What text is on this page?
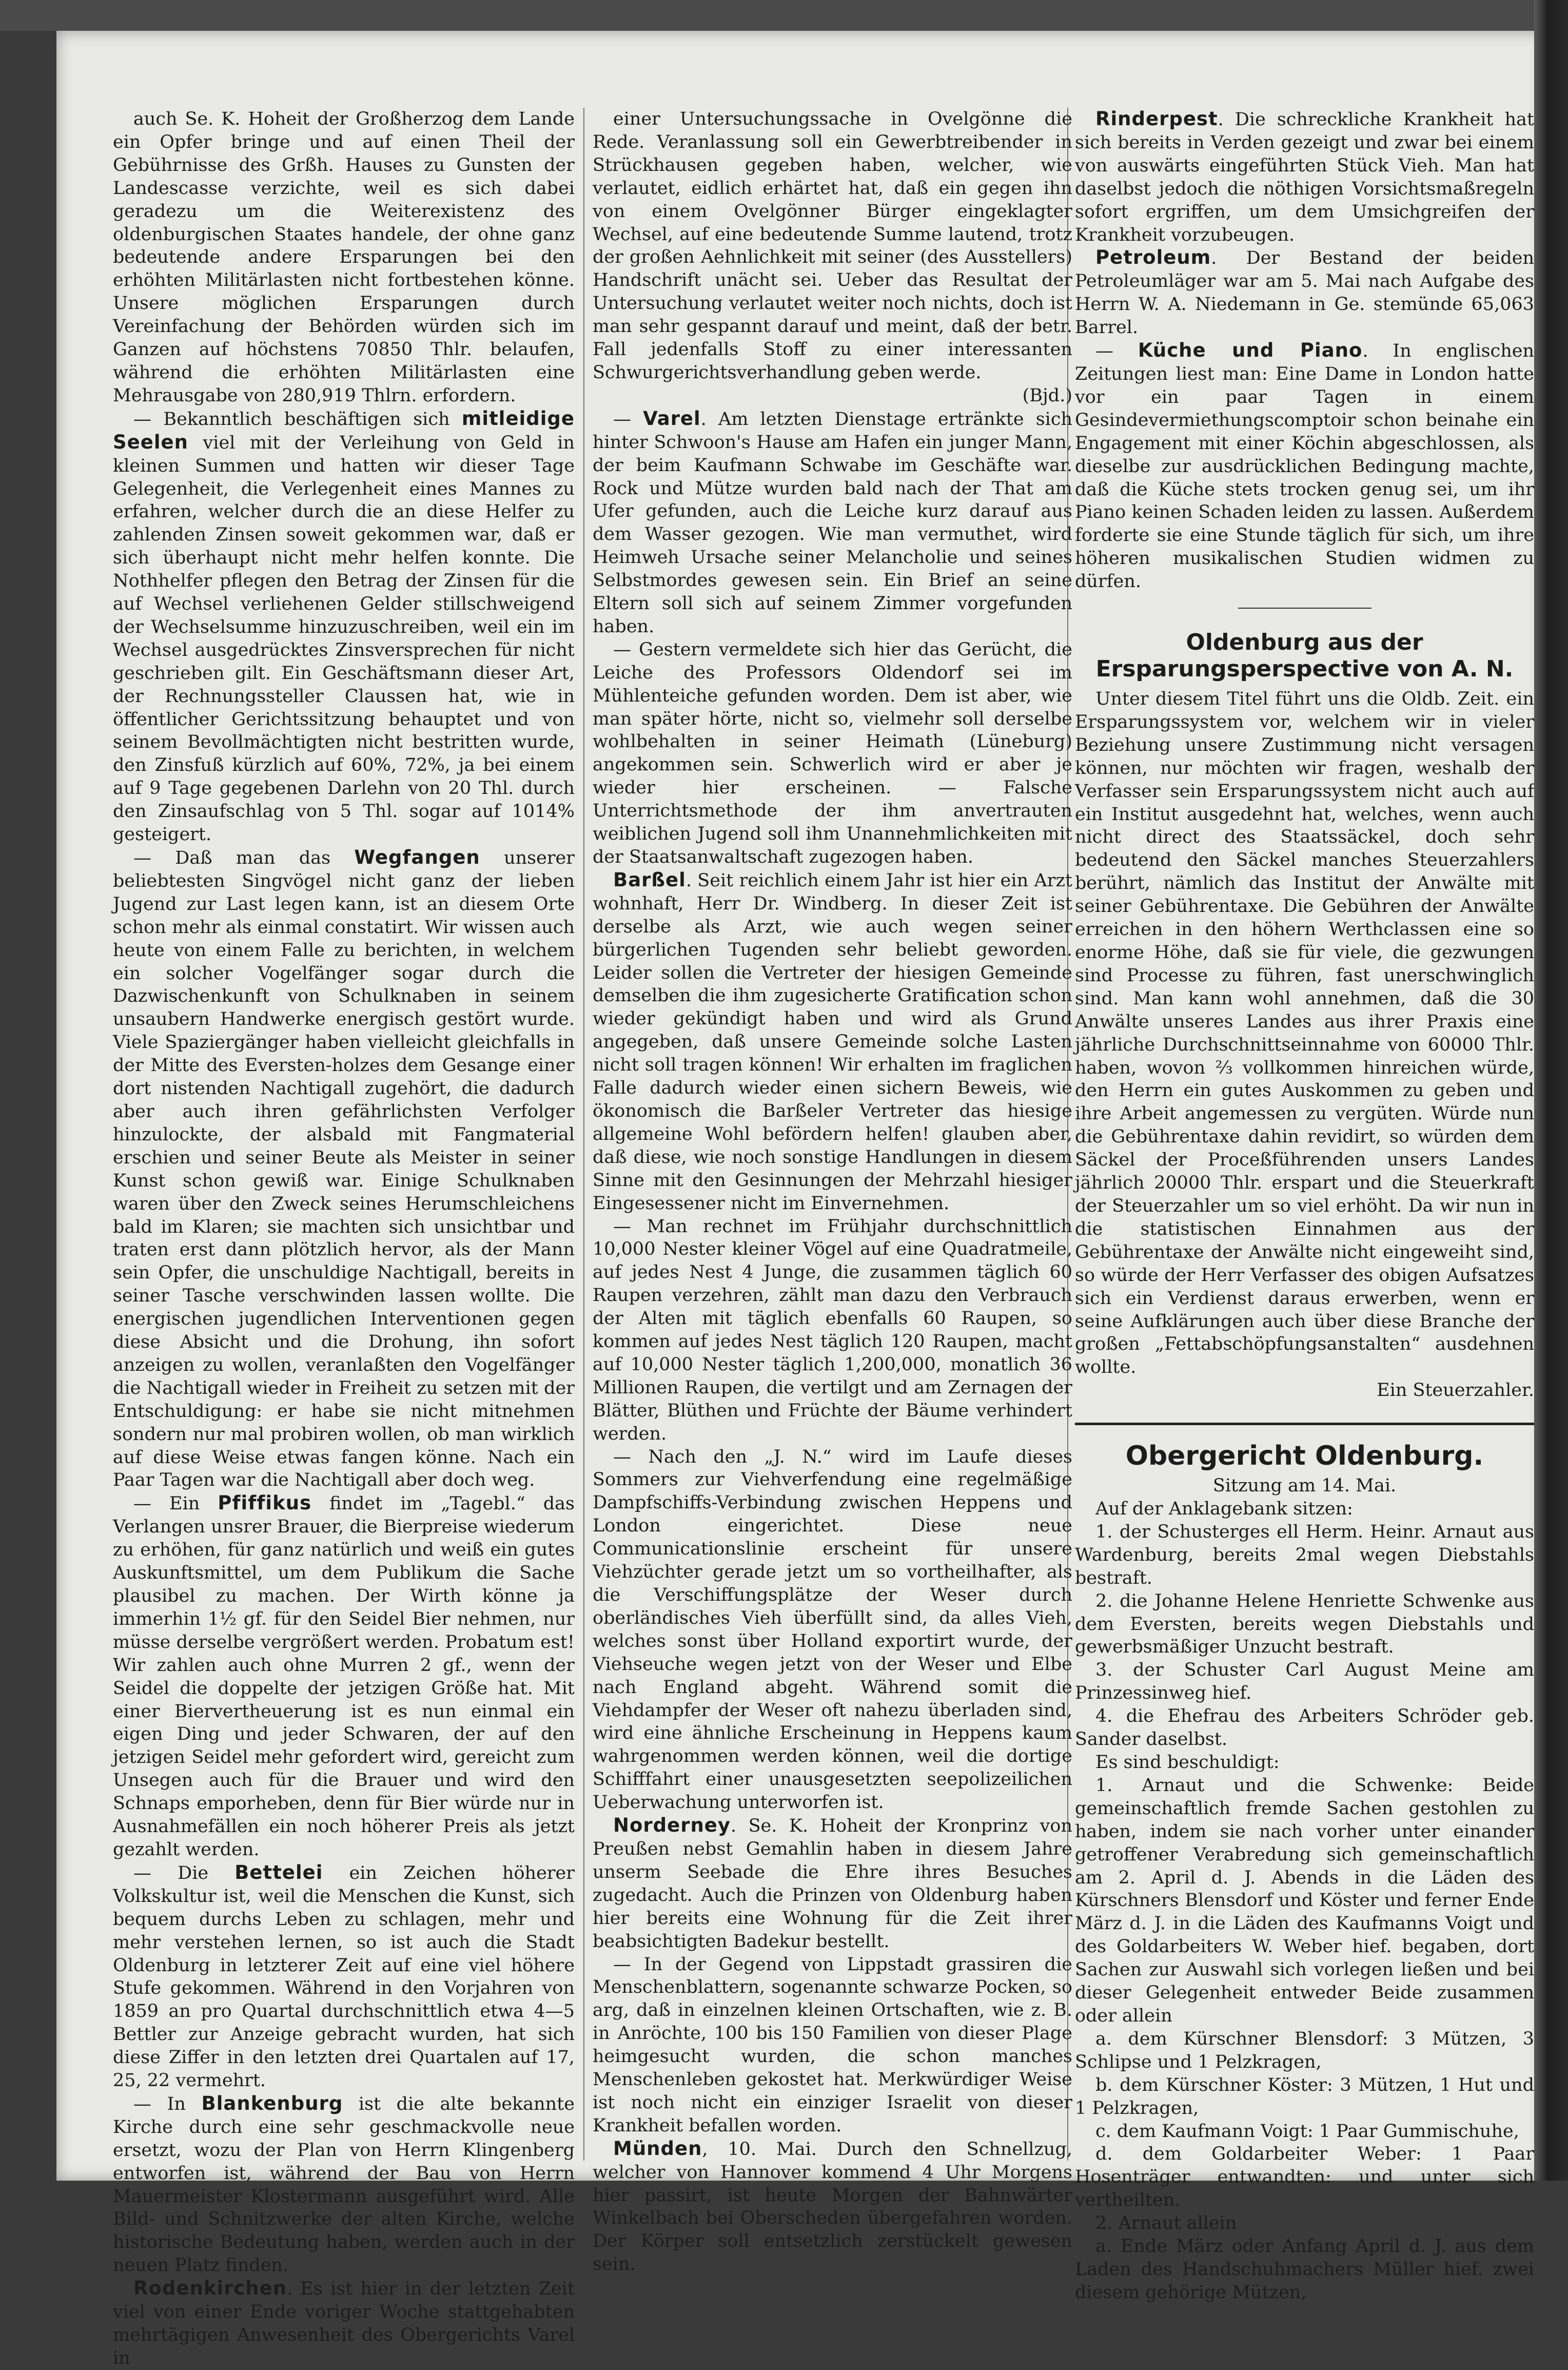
auch Se. K. Hoheit der Großherzog dem Lande ein Opfer bringe und auf einen Theil der Gebührnisse des Grßh. Hauses zu Gunsten der Landescasse verzichte, weil es sich dabei geradezu um die Weiterexistenz des oldenburgischen Staates handele, der ohne ganz bedeutende andere Ersparungen bei den erhöhten Militärlasten nicht fortbestehen könne. Unsere möglichen Ersparungen durch Vereinfachung der Behörden würden sich im Ganzen auf höchstens 70850 Thlr. belaufen, während die erhöhten Militärlasten eine Mehrausgabe von 280,919 Thlrn. erfordern.

— Bekanntlich beschäftigen sich mitleidige Seelen viel mit der Verleihung von Geld in kleinen Summen und hatten wir dieser Tage Gelegenheit, die Verlegenheit eines Mannes zu erfahren, welcher durch die an diese Helfer zu zahlenden Zinsen soweit gekommen war, daß er sich überhaupt nicht mehr helfen konnte. Die Nothhelfer pflegen den Betrag der Zinsen für die auf Wechsel verliehenen Gelder stillschweigend der Wechselsumme hinzuzuschreiben, weil ein im Wechsel ausgedrücktes Zinsversprechen für nicht geschrieben gilt. Ein Geschäftsmann dieser Art, der Rechnungssteller Claussen hat, wie in öffentlicher Gerichtssitzung behauptet und von seinem Bevollmächtigten nicht bestritten wurde, den Zinsfuß kürzlich auf 60%, 72%, ja bei einem auf 9 Tage gegebenen Darlehn von 20 Thl. durch den Zinsaufschlag von 5 Thl. sogar auf 1014% gesteigert.

— Daß man das Wegfangen unserer beliebtesten Singvögel nicht ganz der lieben Jugend zur Last legen kann, ist an diesem Orte schon mehr als einmal constatirt. Wir wissen auch heute von einem Falle zu berichten, in welchem ein solcher Vogelfänger sogar durch die Dazwischenkunft von Schulknaben in seinem unsaubern Handwerke energisch gestört wurde. Viele Spaziergänger haben vielleicht gleichfalls in der Mitte des Eversten-holzes dem Gesange einer dort nistenden Nachtigall zugehört, die dadurch aber auch ihren gefährlichsten Verfolger hinzulockte, der alsbald mit Fangmaterial erschien und seiner Beute als Meister in seiner Kunst schon gewiß war. Einige Schulknaben waren über den Zweck seines Herumschleichens bald im Klaren; sie machten sich unsichtbar und traten erst dann plötzlich hervor, als der Mann sein Opfer, die unschuldige Nachtigall, bereits in seiner Tasche verschwinden lassen wollte. Die energischen jugendlichen Interventionen gegen diese Absicht und die Drohung, ihn sofort anzeigen zu wollen, veranlaßten den Vogelfänger die Nachtigall wieder in Freiheit zu setzen mit der Entschuldigung: er habe sie nicht mitnehmen sondern nur mal probiren wollen, ob man wirklich auf diese Weise etwas fangen könne. Nach ein Paar Tagen war die Nachtigall aber doch weg.

— Ein Pfiffikus findet im „Tagebl.“ das Verlangen unsrer Brauer, die Bierpreise wiederum zu erhöhen, für ganz natürlich und weiß ein gutes Auskunftsmittel, um dem Publikum die Sache plausibel zu machen. Der Wirth könne ja immerhin 1½ gf. für den Seidel Bier nehmen, nur müsse derselbe vergrößert werden. Probatum est! Wir zahlen auch ohne Murren 2 gf., wenn der Seidel die doppelte der jetzigen Größe hat. Mit einer Biervertheuerung ist es nun einmal ein eigen Ding und jeder Schwaren, der auf den jetzigen Seidel mehr gefordert wird, gereicht zum Unsegen auch für die Brauer und wird den Schnaps emporheben, denn für Bier würde nur in Ausnahmefällen ein noch höherer Preis als jetzt gezahlt werden.

— Die Bettelei ein Zeichen höherer Volkskultur ist, weil die Menschen die Kunst, sich bequem durchs Leben zu schlagen, mehr und mehr verstehen lernen, so ist auch die Stadt Oldenburg in letzterer Zeit auf eine viel höhere Stufe gekommen. Während in den Vorjahren von 1859 an pro Quartal durchschnittlich etwa 4—5 Bettler zur Anzeige gebracht wurden, hat sich diese Ziffer in den letzten drei Quartalen auf 17, 25, 22 vermehrt.

— In Blankenburg ist die alte bekannte Kirche durch eine sehr geschmackvolle neue ersetzt, wozu der Plan von Herrn Klingenberg entworfen ist, während der Bau von Herrn Mauermeister Klostermann ausgeführt wird. Alle Bild- und Schnitzwerke der alten Kirche, welche historische Bedeutung haben, werden auch in der neuen Platz finden.

Rodenkirchen. Es ist hier in der letzten Zeit viel von einer Ende voriger Woche stattgehabten mehrtägigen Anwesenheit des Obergerichts Varel in

einer Untersuchungssache in Ovelgönne die Rede. Veranlassung soll ein Gewerbtreibender in Strückhausen gegeben haben, welcher, wie verlautet, eidlich erhärtet hat, daß ein gegen ihn von einem Ovelgönner Bürger eingeklagter Wechsel, auf eine bedeutende Summe lautend, trotz der großen Aehnlichkeit mit seiner (des Ausstellers) Handschrift unächt sei. Ueber das Resultat der Untersuchung verlautet weiter noch nichts, doch ist man sehr gespannt darauf und meint, daß der betr. Fall jedenfalls Stoff zu einer interessanten Schwurgerichtsverhandlung geben werde.

(Bjd.)

— Varel. Am letzten Dienstage ertränkte sich hinter Schwoon's Hause am Hafen ein junger Mann, der beim Kaufmann Schwabe im Geschäfte war. Rock und Mütze wurden bald nach der That am Ufer gefunden, auch die Leiche kurz darauf aus dem Wasser gezogen. Wie man vermuthet, wird Heimweh Ursache seiner Melancholie und seines Selbstmordes gewesen sein. Ein Brief an seine Eltern soll sich auf seinem Zimmer vorgefunden haben.

— Gestern vermeldete sich hier das Gerücht, die Leiche des Professors Oldendorf sei im Mühlenteiche gefunden worden. Dem ist aber, wie man später hörte, nicht so, vielmehr soll derselbe wohlbehalten in seiner Heimath (Lüneburg) angekommen sein. Schwerlich wird er aber je wieder hier erscheinen. — Falsche Unterrichtsmethode der ihm anvertrauten weiblichen Jugend soll ihm Unannehmlichkeiten mit der Staatsanwaltschaft zugezogen haben.

Barßel. Seit reichlich einem Jahr ist hier ein Arzt wohnhaft, Herr Dr. Windberg. In dieser Zeit ist derselbe als Arzt, wie auch wegen seiner bürgerlichen Tugenden sehr beliebt geworden. Leider sollen die Vertreter der hiesigen Gemeinde demselben die ihm zugesicherte Gratification schon wieder gekündigt haben und wird als Grund angegeben, daß unsere Gemeinde solche Lasten nicht soll tragen können! Wir erhalten im fraglichen Falle dadurch wieder einen sichern Beweis, wie ökonomisch die Barßeler Vertreter das hiesige allgemeine Wohl befördern helfen! glauben aber, daß diese, wie noch sonstige Handlungen in diesem Sinne mit den Gesinnungen der Mehrzahl hiesiger Eingesessener nicht im Einvernehmen.

— Man rechnet im Frühjahr durchschnittlich 10,000 Nester kleiner Vögel auf eine Quadratmeile, auf jedes Nest 4 Junge, die zusammen täglich 60 Raupen verzehren, zählt man dazu den Verbrauch der Alten mit täglich ebenfalls 60 Raupen, so kommen auf jedes Nest täglich 120 Raupen, macht auf 10,000 Nester täglich 1,200,000, monatlich 36 Millionen Raupen, die vertilgt und am Zernagen der Blätter, Blüthen und Früchte der Bäume verhindert werden.

— Nach den „J. N.“ wird im Laufe dieses Sommers zur Viehverfendung eine regelmäßige Dampfschiffs-Verbindung zwischen Heppens und London eingerichtet. Diese neue Communicationslinie erscheint für unsere Viehzüchter gerade jetzt um so vortheilhafter, als die Verschiffungsplätze der Weser durch oberländisches Vieh überfüllt sind, da alles Vieh, welches sonst über Holland exportirt wurde, der Viehseuche wegen jetzt von der Weser und Elbe nach England abgeht. Während somit die Viehdampfer der Weser oft nahezu überladen sind, wird eine ähnliche Erscheinung in Heppens kaum wahrgenommen werden können, weil die dortige Schifffahrt einer unausgesetzten seepolizeilichen Ueberwachung unterworfen ist.

Norderney. Se. K. Hoheit der Kronprinz von Preußen nebst Gemahlin haben in diesem Jahre unserm Seebade die Ehre ihres Besuches zugedacht. Auch die Prinzen von Oldenburg haben hier bereits eine Wohnung für die Zeit ihrer beabsichtigten Badekur bestellt.

— In der Gegend von Lippstadt grassiren die Menschenblattern, sogenannte schwarze Pocken, so arg, daß in einzelnen kleinen Ortschaften, wie z. B. in Anröchte, 100 bis 150 Familien von dieser Plage heimgesucht wurden, die schon manches Menschenleben gekostet hat. Merkwürdiger Weise ist noch nicht ein einziger Israelit von dieser Krankheit befallen worden.

Münden, 10. Mai. Durch den Schnellzug, welcher von Hannover kommend 4 Uhr Morgens hier passirt, ist heute Morgen der Bahnwärter Winkelbach bei Oberscheden übergefahren worden. Der Körper soll entsetzlich zerstückelt gewesen sein.

Rinderpest. Die schreckliche Krankheit hat sich bereits in Verden gezeigt und zwar bei einem von auswärts eingeführten Stück Vieh. Man hat daselbst jedoch die nöthigen Vorsichtsmaßregeln sofort ergriffen, um dem Umsichgreifen der Krankheit vorzubeugen.

Petroleum. Der Bestand der beiden Petroleumläger war am 5. Mai nach Aufgabe des Herrn W. A. Niedemann in Ge. stemünde 65,063 Barrel.

— Küche und Piano. In englischen Zeitungen liest man: Eine Dame in London hatte vor ein paar Tagen in einem Gesindevermiethungscomptoir schon beinahe ein Engagement mit einer Köchin abgeschlossen, als dieselbe zur ausdrücklichen Bedingung machte, daß die Küche stets trocken genug sei, um ihr Piano keinen Schaden leiden zu lassen. Außerdem forderte sie eine Stunde täglich für sich, um ihre höheren musikalischen Studien widmen zu dürfen.

Oldenburg aus der Ersparungsperspective von A. N.

Unter diesem Titel führt uns die Oldb. Zeit. ein Ersparungssystem vor, welchem wir in vieler Beziehung unsere Zustimmung nicht versagen können, nur möchten wir fragen, weshalb der Verfasser sein Ersparungssystem nicht auch auf ein Institut ausgedehnt hat, welches, wenn auch nicht direct des Staatssäckel, doch sehr bedeutend den Säckel manches Steuerzahlers berührt, nämlich das Institut der Anwälte mit seiner Gebührentaxe. Die Gebühren der Anwälte erreichen in den höhern Werthclassen eine so enorme Höhe, daß sie für viele, die gezwungen sind Processe zu führen, fast unerschwinglich sind. Man kann wohl annehmen, daß die 30 Anwälte unseres Landes aus ihrer Praxis eine jährliche Durchschnittseinnahme von 60000 Thlr. haben, wovon ⅔ vollkommen hinreichen würde, den Herrn ein gutes Auskommen zu geben und ihre Arbeit angemessen zu vergüten. Würde nun die Gebührentaxe dahin revidirt, so würden dem Säckel der Proceßführenden unsers Landes jährlich 20000 Thlr. erspart und die Steuerkraft der Steuerzahler um so viel erhöht. Da wir nun in die statistischen Einnahmen aus der Gebührentaxe der Anwälte nicht eingeweiht sind, so würde der Herr Verfasser des obigen Aufsatzes sich ein Verdienst daraus erwerben, wenn er seine Aufklärungen auch über diese Branche der großen „Fettabschöpfungsanstalten“ ausdehnen wollte.

Ein Steuerzahler.

Obergericht Oldenburg.

Sitzung am 14. Mai.

Auf der Anklagebank sitzen:

1. der Schusterges ell Herm. Heinr. Arnaut aus Wardenburg, bereits 2mal wegen Diebstahls bestraft.

2. die Johanne Helene Henriette Schwenke aus dem Eversten, bereits wegen Diebstahls und gewerbsmäßiger Unzucht bestraft.

3. der Schuster Carl August Meine am Prinzessinweg hief.

4. die Ehefrau des Arbeiters Schröder geb. Sander daselbst.

Es sind beschuldigt:

1. Arnaut und die Schwenke: Beide gemeinschaftlich fremde Sachen gestohlen zu haben, indem sie nach vorher unter einander getroffener Verabredung sich gemeinschaftlich am 2. April d. J. Abends in die Läden des Kürschners Blensdorf und Köster und ferner Ende März d. J. in die Läden des Kaufmanns Voigt und des Goldarbeiters W. Weber hief. begaben, dort Sachen zur Auswahl sich vorlegen ließen und bei dieser Gelegenheit entweder Beide zusammen oder allein

a. dem Kürschner Blensdorf: 3 Mützen, 3 Schlipse und 1 Pelzkragen,

b. dem Kürschner Köster: 3 Mützen, 1 Hut und 1 Pelzkragen,

c. dem Kaufmann Voigt: 1 Paar Gummischuhe,

d. dem Goldarbeiter Weber: 1 Paar Hosenträger entwandten: und unter sich vertheilten.

2. Arnaut allein

a. Ende März oder Anfang April d. J. aus dem Laden des Handschuhmachers Müller hief. zwei diesem gehörige Mützen,
